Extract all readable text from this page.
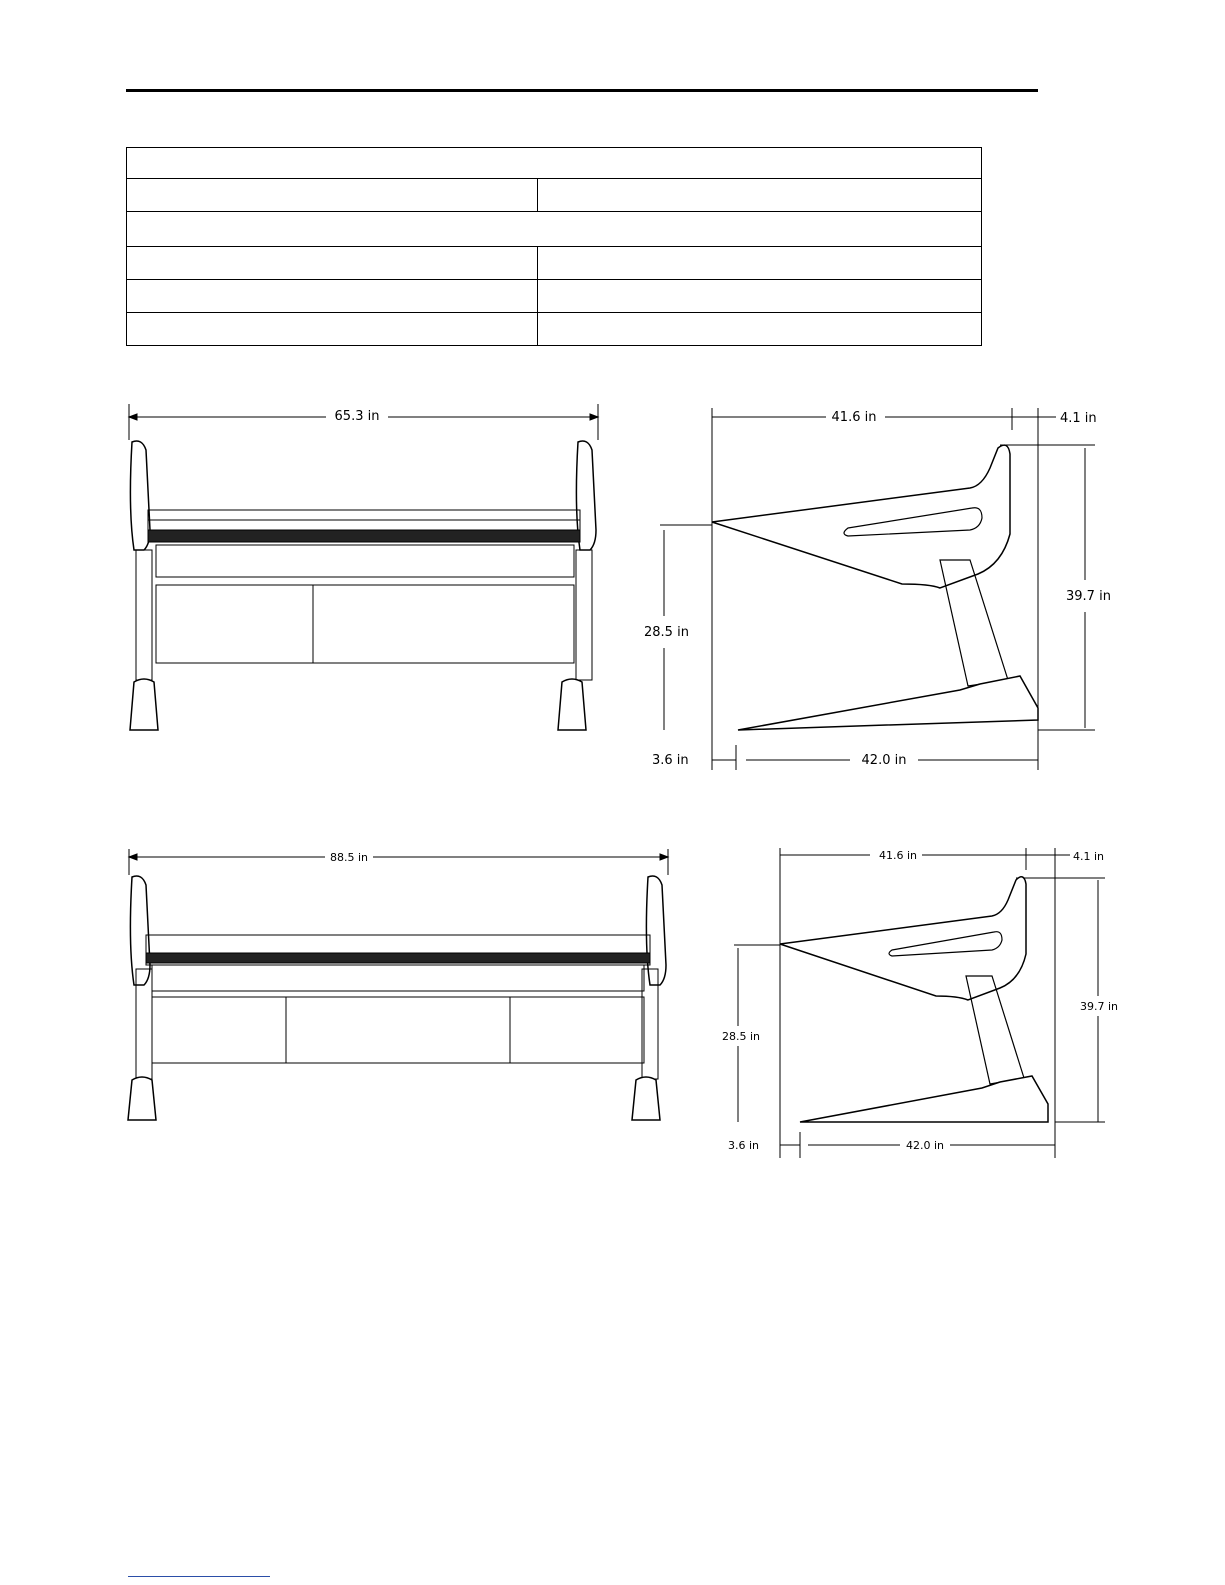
65.3 in	41.6 in	4.1 in
28.5 in
39.7 in
3.6 in	42.0 in
88.5 in	41.6 in	4.1 in
28.5 in
39.7 in
3.6 in	42.0 in
